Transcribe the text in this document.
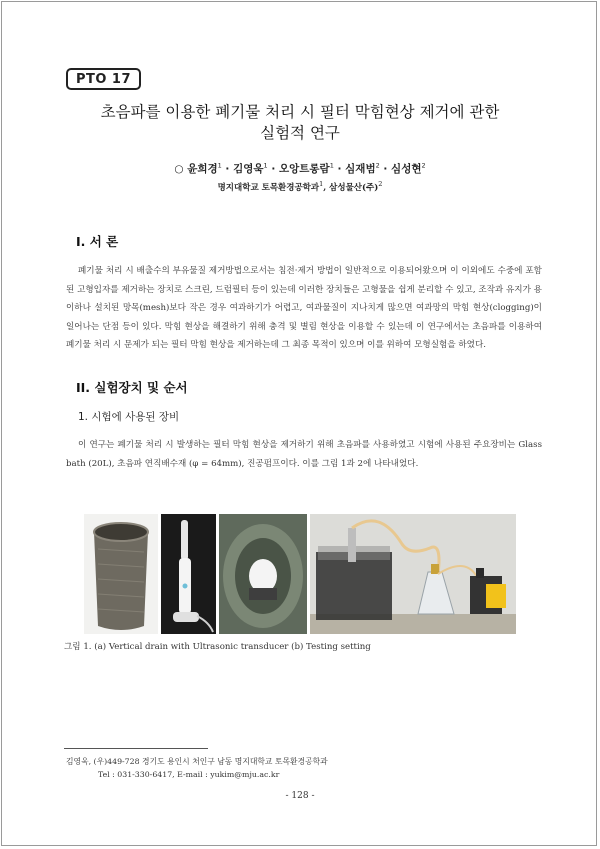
PTO 17
초음파를 이용한 폐기물 처리 시 필터 막힘현상 제거에 관한
실험적 연구
○ 윤희경$^1$ · 김영욱$^1$ · 오앙트롱람$^1$ · 심재범$^2$ · 심성현$^2$
명지대학교 토목환경공학과$^1$, 삼성물산(주)$^2$
I. 서 론
폐기물 처리 시 배출수의 부유물질 제거방법으로서는 침전·제거 방법이 일반적으로 이용되어왔으며 이 이외에도 수중에 포함된 고형입자를 제거하는 장치로 스크린, 드럼필터 등이 있는데 이러한 장치들은 고형물을 쉽게 분리할 수 있고, 조작과 유지가 용이하나 설치된 망목(mesh)보다 작은 경우 여과하기가 어렵고, 여과물질이 지나치게 많으면 여과망의 막힘 현상(clogging)이 일어나는 단점 등이 있다. 막힘 현상을 해결하기 위해 충격 및 별림 현상을 이용할 수 있는데 이 연구에서는 초음파를 이용하여 폐기물 처리 시 문제가 되는 필터 막힘 현상을 제거하는데 그 최종 목적이 있으며 이를 위하여 모형실험을 하였다.
II. 실험장치 및 순서
1. 시험에 사용된 장비
이 연구는 폐기물 처리 시 발생하는 필터 막힘 현상을 제거하기 위해 초음파를 사용하였고 시험에 사용된 주요장비는 Glass bath (20L), 초음파 연직배수재 (φ = 64mm), 진공펌프이다. 이를 그림 1과 2에 나타내었다.
그림 1. (a) Vertical drain with Ultrasonic transducer (b) Testing setting
김영욱, (우)449-728 경기도 용인시 처인구 남동 명지대학교 토목환경공학과
Tel : 031-330-6417, E-mail : yukim@mju.ac.kr
- 128 -
